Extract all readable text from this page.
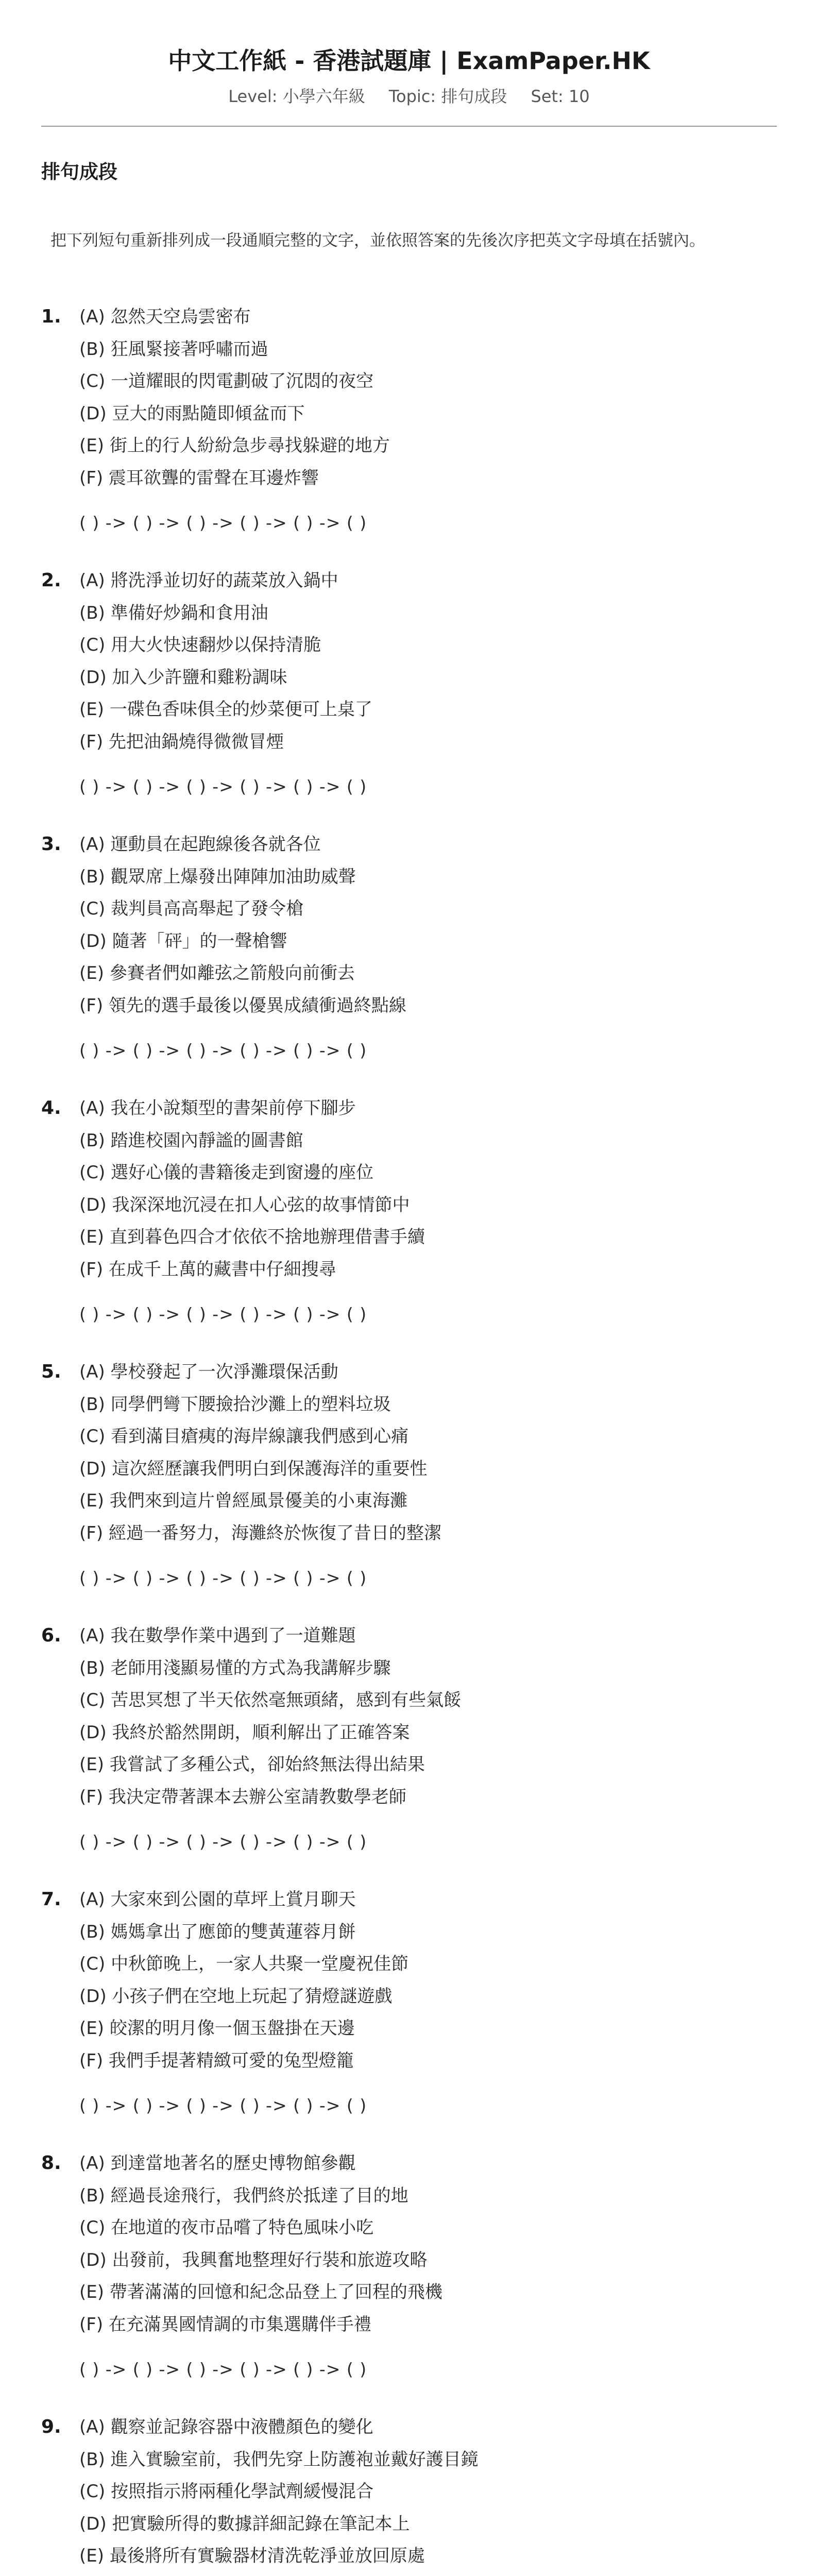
中文工作紙 - 香港試題庫 | ExamPaper.HK
Level: 小學六年級 Topic: 排句成段 Set: 10
排句成段
把下列短句重新排列成一段通順完整的文字，並依照答案的先後次序把英文字母填在括號內。
1. (A) 忽然天空烏雲密布
(B) 狂風緊接著呼嘯而過
(C) 一道耀眼的閃電劃破了沉悶的夜空
(D) 豆大的雨點隨即傾盆而下
(E) 街上的行人紛紛急步尋找躲避的地方
(F) 震耳欲聾的雷聲在耳邊炸響
( ) -> ( ) -> ( ) -> ( ) -> ( ) -> ( )
2. (A) 將洗淨並切好的蔬菜放入鍋中
(B) 準備好炒鍋和食用油
(C) 用大火快速翻炒以保持清脆
(D) 加入少許鹽和雞粉調味
(E) 一碟色香味俱全的炒菜便可上桌了
(F) 先把油鍋燒得微微冒煙
( ) -> ( ) -> ( ) -> ( ) -> ( ) -> ( )
3. (A) 運動員在起跑線後各就各位
(B) 觀眾席上爆發出陣陣加油助威聲
(C) 裁判員高高舉起了發令槍
(D) 隨著「砰」的一聲槍響
(E) 參賽者們如離弦之箭般向前衝去
(F) 領先的選手最後以優異成績衝過終點線
( ) -> ( ) -> ( ) -> ( ) -> ( ) -> ( )
4. (A) 我在小說類型的書架前停下腳步
(B) 踏進校園內靜謐的圖書館
(C) 選好心儀的書籍後走到窗邊的座位
(D) 我深深地沉浸在扣人心弦的故事情節中
(E) 直到暮色四合才依依不捨地辦理借書手續
(F) 在成千上萬的藏書中仔細搜尋
( ) -> ( ) -> ( ) -> ( ) -> ( ) -> ( )
5. (A) 學校發起了一次淨灘環保活動
(B) 同學們彎下腰撿拾沙灘上的塑料垃圾
(C) 看到滿目瘡痍的海岸線讓我們感到心痛
(D) 這次經歷讓我們明白到保護海洋的重要性
(E) 我們來到這片曾經風景優美的小東海灘
(F) 經過一番努力，海灘終於恢復了昔日的整潔
( ) -> ( ) -> ( ) -> ( ) -> ( ) -> ( )
6. (A) 我在數學作業中遇到了一道難題
(B) 老師用淺顯易懂的方式為我講解步驟
(C) 苦思冥想了半天依然毫無頭緒，感到有些氣餒
(D) 我終於豁然開朗，順利解出了正確答案
(E) 我嘗試了多種公式，卻始終無法得出結果
(F) 我決定帶著課本去辦公室請教數學老師
( ) -> ( ) -> ( ) -> ( ) -> ( ) -> ( )
7. (A) 大家來到公園的草坪上賞月聊天
(B) 媽媽拿出了應節的雙黃蓮蓉月餅
(C) 中秋節晚上，一家人共聚一堂慶祝佳節
(D) 小孩子們在空地上玩起了猜燈謎遊戲
(E) 皎潔的明月像一個玉盤掛在天邊
(F) 我們手提著精緻可愛的兔型燈籠
( ) -> ( ) -> ( ) -> ( ) -> ( ) -> ( )
8. (A) 到達當地著名的歷史博物館參觀
(B) 經過長途飛行，我們終於抵達了目的地
(C) 在地道的夜市品嚐了特色風味小吃
(D) 出發前，我興奮地整理好行裝和旅遊攻略
(E) 帶著滿滿的回憶和紀念品登上了回程的飛機
(F) 在充滿異國情調的市集選購伴手禮
( ) -> ( ) -> ( ) -> ( ) -> ( ) -> ( )
9. (A) 觀察並記錄容器中液體顏色的變化
(B) 進入實驗室前，我們先穿上防護袍並戴好護目鏡
(C) 按照指示將兩種化學試劑緩慢混合
(D) 把實驗所得的數據詳細記錄在筆記本上
(E) 最後將所有實驗器材清洗乾淨並放回原處
